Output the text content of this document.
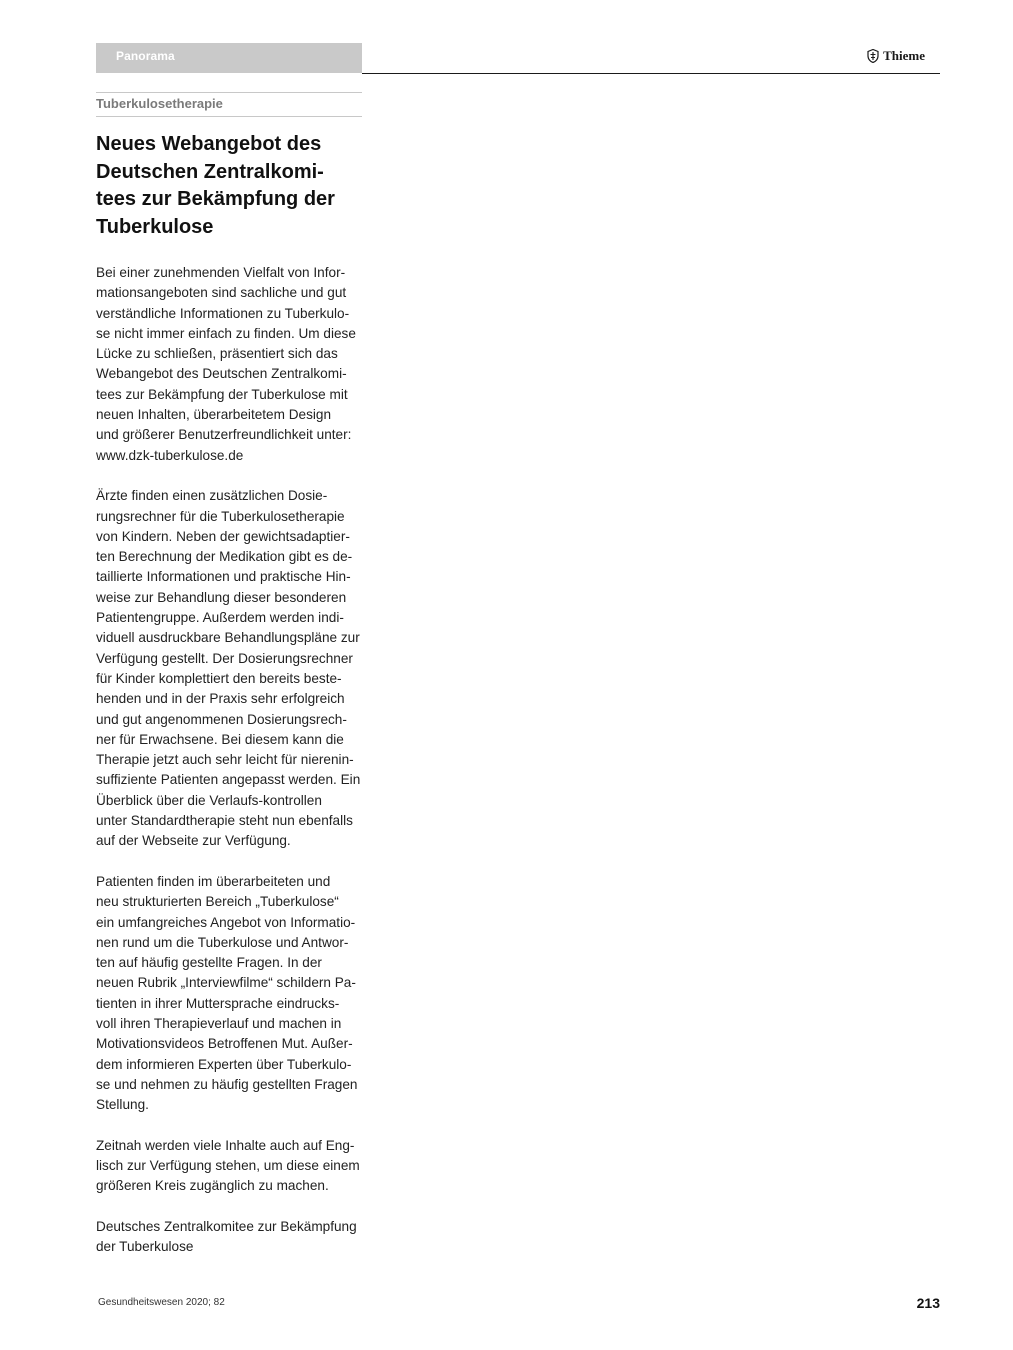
Panorama	Thieme
Tuberkulosetherapie
Neues Webangebot des
Deutschen Zentralkomi-
tees zur Bekämpfung der
Tuberkulose

Bei einer zunehmenden Vielfalt von Infor-
mationsangeboten sind sachliche und gut
verständliche Informationen zu Tuberkulo-
se nicht immer einfach zu finden. Um diese
Lücke zu schließen, präsentiert sich das
Webangebot des Deutschen Zentralkomi-
tees zur Bekämpfung der Tuberkulose mit
neuen Inhalten, überarbeitetem Design
und größerer Benutzerfreundlichkeit unter:
www.dzk-tuberkulose.de

Ärzte finden einen zusätzlichen Dosie-
rungsrechner für die Tuberkulosetherapie
von Kindern. Neben der gewichtsadaptier-
ten Berechnung der Medikation gibt es de-
taillierte Informationen und praktische Hin-
weise zur Behandlung dieser besonderen
Patientengruppe. Außerdem werden indi-
viduell ausdruckbare Behandlungspläne zur
Verfügung gestellt. Der Dosierungsrechner
für Kinder komplettiert den bereits beste-
henden und in der Praxis sehr erfolgreich
und gut angenommenen Dosierungsrech-
ner für Erwachsene. Bei diesem kann die
Therapie jetzt auch sehr leicht für nierenin-
suffiziente Patienten angepasst werden. Ein
Überblick über die Verlaufs-kontrollen
unter Standardtherapie steht nun ebenfalls
auf der Webseite zur Verfügung.

Patienten finden im überarbeiteten und
neu strukturierten Bereich „Tuberkulose“
ein umfangreiches Angebot von Informatio-
nen rund um die Tuberkulose und Antwor-
ten auf häufig gestellte Fragen. In der
neuen Rubrik „Interviewfilme“ schildern Pa-
tienten in ihrer Muttersprache eindrucks-
voll ihren Therapieverlauf und machen in
Motivationsvideos Betroffenen Mut. Außer-
dem informieren Experten über Tuberkulo-
se und nehmen zu häufig gestellten Fragen
Stellung.

Zeitnah werden viele Inhalte auch auf Eng-
lisch zur Verfügung stehen, um diese einem
größeren Kreis zugänglich zu machen.

Deutsches Zentralkomitee zur Bekämpfung
der Tuberkulose

Gesundheitswesen 2020; 82	213
